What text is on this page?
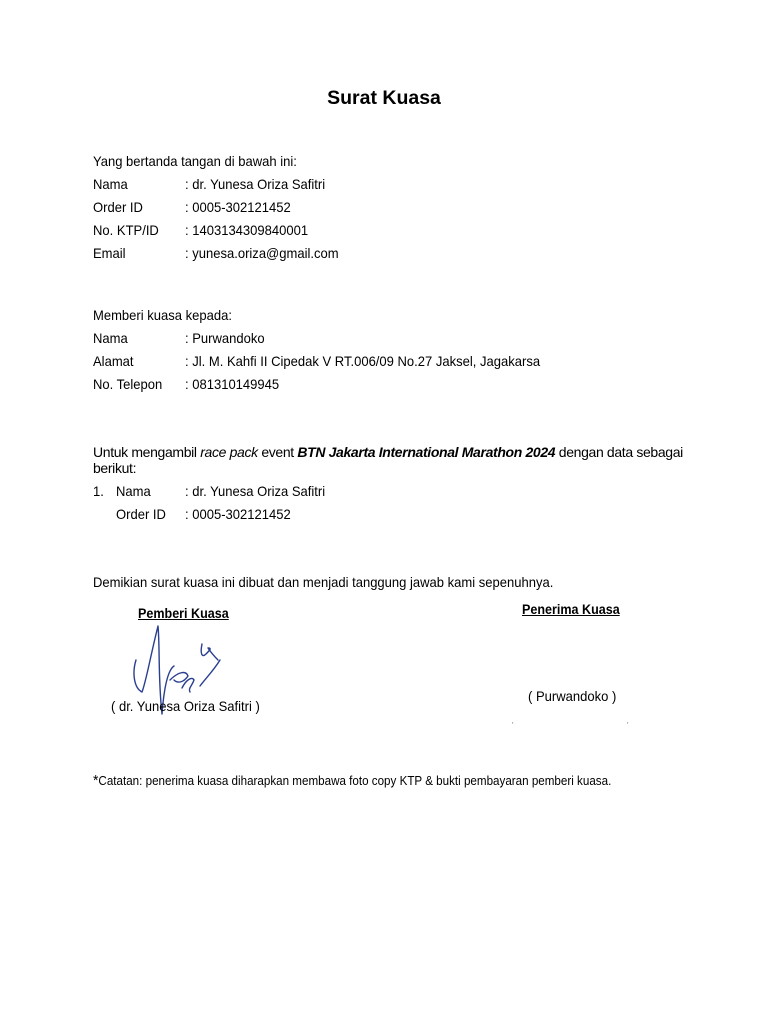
Surat Kuasa
Yang bertanda tangan di bawah ini:
Nama	: dr. Yunesa Oriza Safitri
Order ID	: 0005-302121452
No. KTP/ID : 1403134309840001
Email	: yunesa.oriza@gmail.com
Memberi kuasa kepada:
Nama	: Purwandoko
Alamat	: Jl. M. Kahfi II Cipedak V RT.006/09 No.27 Jaksel, Jagakarsa
No. Telepon : 081310149945
Untuk mengambil race pack event BTN Jakarta International Marathon 2024 dengan data sebagai berikut:
1. Nama : dr. Yunesa Oriza Safitri
Order ID : 0005-302121452
Demikian surat kuasa ini dibuat dan menjadi tanggung jawab kami sepenuhnya.
Pemberi Kuasa	Penerima Kuasa
( dr. Yunesa Oriza Safitri )
( Purwandoko )
'	'
*Catatan: penerima kuasa diharapkan membawa foto copy KTP & bukti pembayaran pemberi kuasa.
